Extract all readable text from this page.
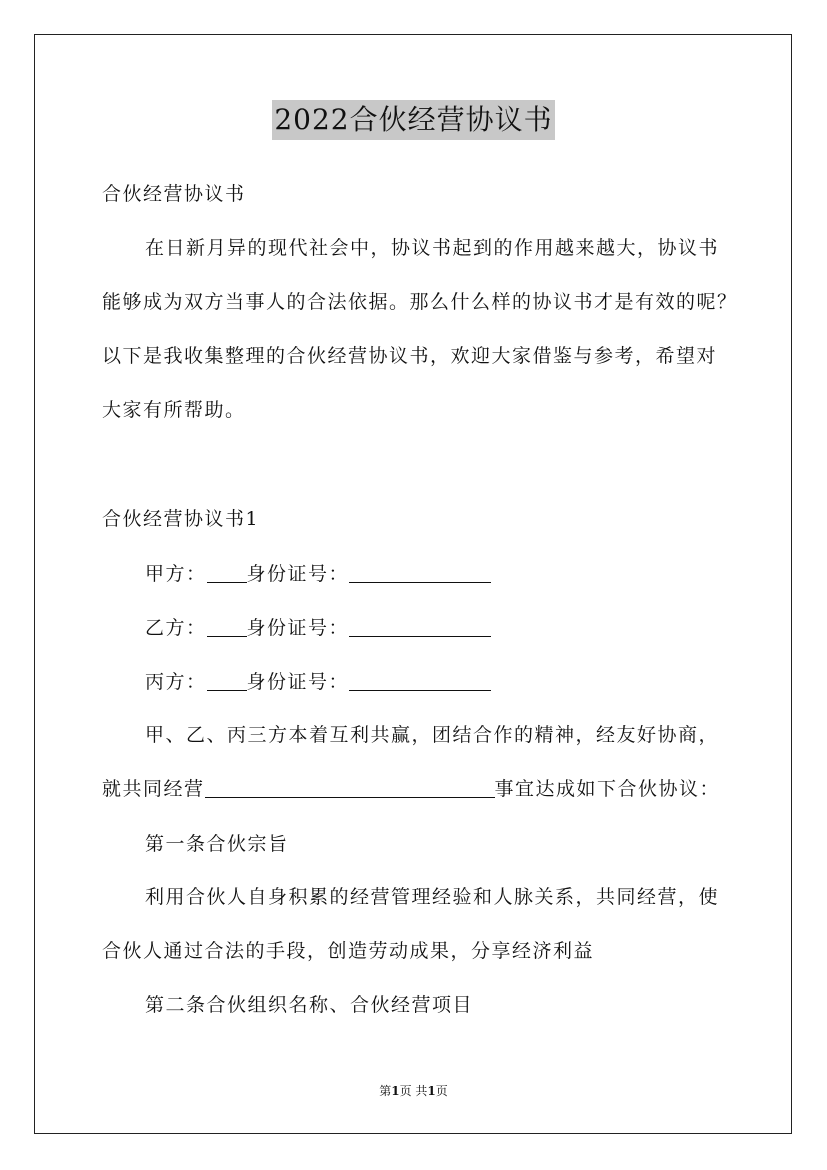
2022合伙经营协议书
合伙经营协议书
在日新月异的现代社会中，协议书起到的作用越来越大，协议书
能够成为双方当事人的合法依据。那么什么样的协议书才是有效的呢？
以下是我收集整理的合伙经营协议书，欢迎大家借鉴与参考，希望对
大家有所帮助。
合伙经营协议书1
甲方： 身份证号：
乙方： 身份证号：
丙方： 身份证号：
甲、乙、丙三方本着互利共赢，团结合作的精神，经友好协商，
就共同经营	事宜达成如下合伙协议：
第一条合伙宗旨
利用合伙人自身积累的经营管理经验和人脉关系，共同经营，使
合伙人通过合法的手段，创造劳动成果，分享经济利益
第二条合伙组织名称、合伙经营项目
第1页 共1页
